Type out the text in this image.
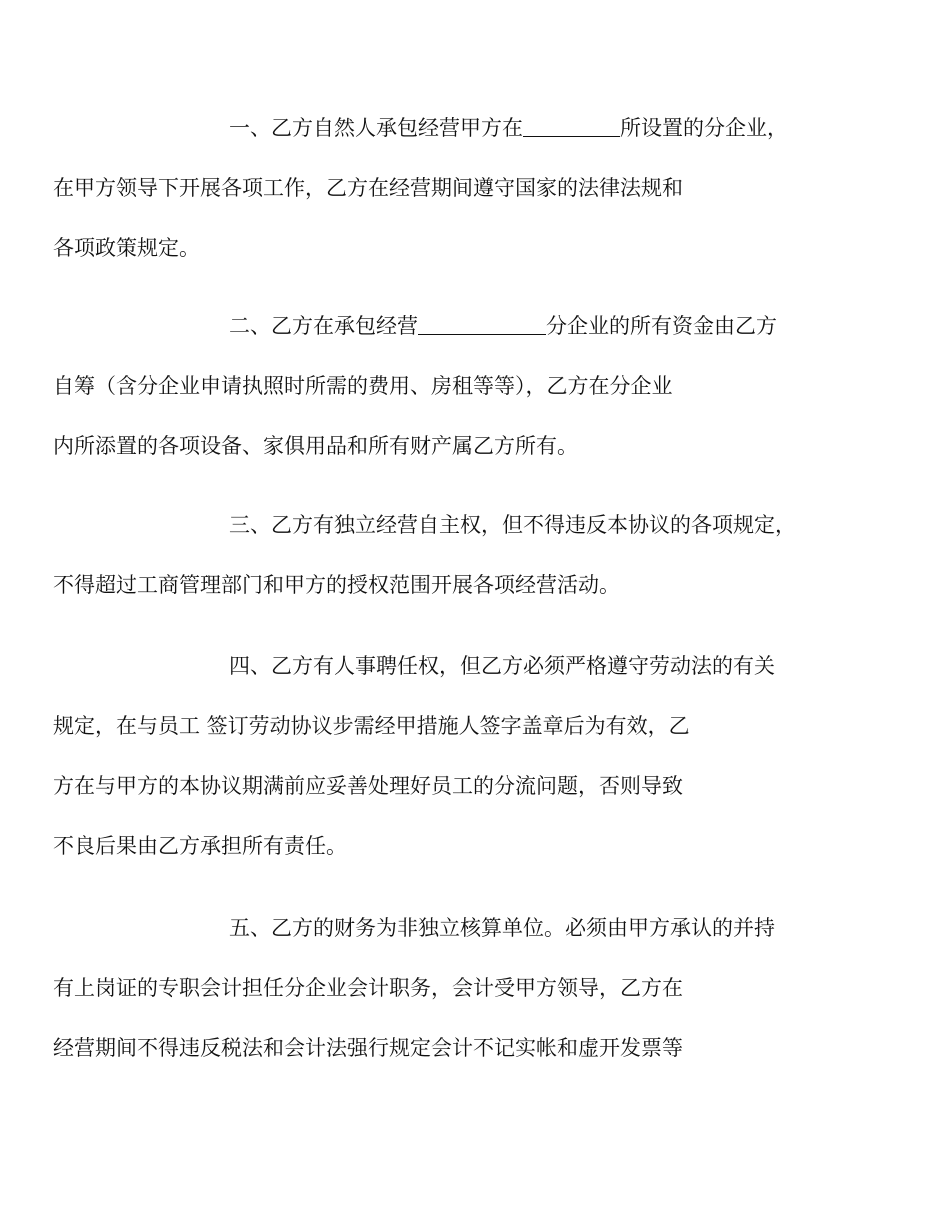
一、乙方自然人承包经营甲方在	所设置的分企业，
在甲方领导下开展各项工作，乙方在经营期间遵守国家的法律法规和
各项政策规定。

二、乙方在承包经营	分企业的所有资金由乙方
自筹（含分企业申请执照时所需的费用、房租等等），乙方在分企业
内所添置的各项设备、家俱用品和所有财产属乙方所有。

三、乙方有独立经营自主权，但不得违反本协议的各项规定，
不得超过工商管理部门和甲方的授权范围开展各项经营活动。

四、乙方有人事聘任权，但乙方必须严格遵守劳动法的有关
规定，在与员工 签订劳动协议步需经甲措施人签字盖章后为有效，乙
方在与甲方的本协议期满前应妥善处理好员工的分流问题，否则导致
不良后果由乙方承担所有责任。

五、乙方的财务为非独立核算单位。必须由甲方承认的并持
有上岗证的专职会计担任分企业会计职务，会计受甲方领导，乙方在
经营期间不得违反税法和会计法强行规定会计不记实帐和虚开发票等
